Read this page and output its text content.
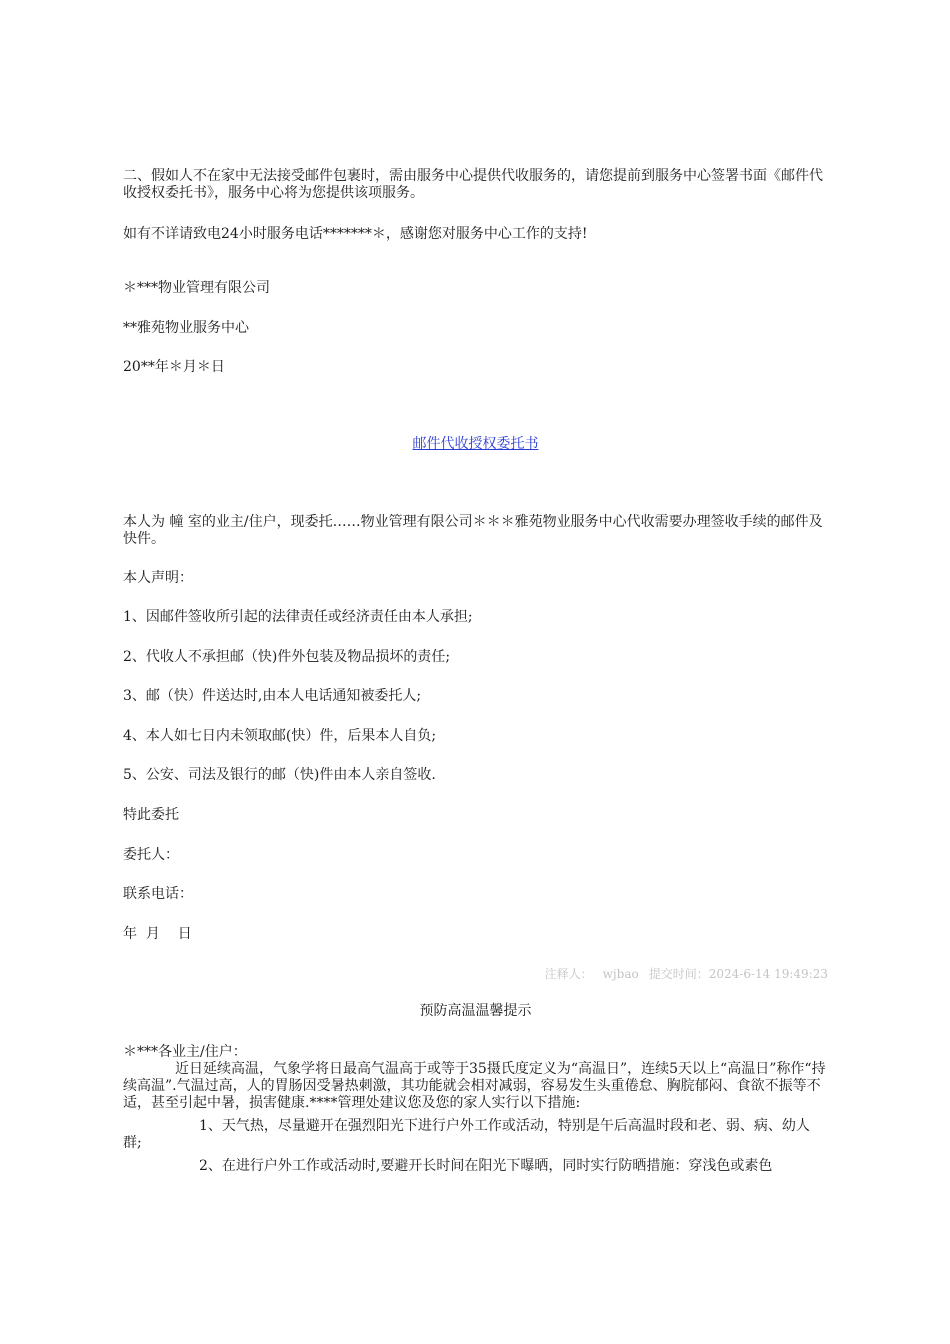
二、假如人不在家中无法接受邮件包裹时，需由服务中心提供代收服务的，请您提前到服务中心签署书面《邮件代收授权委托书》，服务中心将为您提供该项服务。

如有不详请致电24小时服务电话*******＊，感谢您对服务中心工作的支持!

＊***物业管理有限公司

**雅苑物业服务中心

20**年＊月＊日

邮件代收授权委托书

本人为 幢 室的业主/住户，现委托……物业管理有限公司＊＊＊雅苑物业服务中心代收需要办理签收手续的邮件及快件。

本人声明：

1、因邮件签收所引起的法律责任或经济责任由本人承担;

2、代收人不承担邮（快)件外包装及物品损坏的责任;

3、邮（快）件送达时,由本人电话通知被委托人;

4、本人如七日内未领取邮(快）件，后果本人自负;

5、公安、司法及银行的邮（快)件由本人亲自签收.

特此委托

委托人：

联系电话：

年  月    日

注释人： wjbao 提交时间：2024-6-14 19:49:23

预防高温温馨提示

＊***各业主/住户：

近日延续高温，气象学将日最高气温高于或等于35摄氏度定义为“高温日”，连续5天以上“高温日”称作“持续高温”.气温过高，人的胃肠因受暑热刺激，其功能就会相对减弱，容易发生头重倦怠、胸脘郁闷、食欲不振等不适，甚至引起中暑，损害健康.****管理处建议您及您的家人实行以下措施:

1、天气热，尽量避开在强烈阳光下进行户外工作或活动，特别是午后高温时段和老、弱、病、幼人群;

2、在进行户外工作或活动时,要避开长时间在阳光下曝晒，同时实行防晒措施：穿浅色或素色
